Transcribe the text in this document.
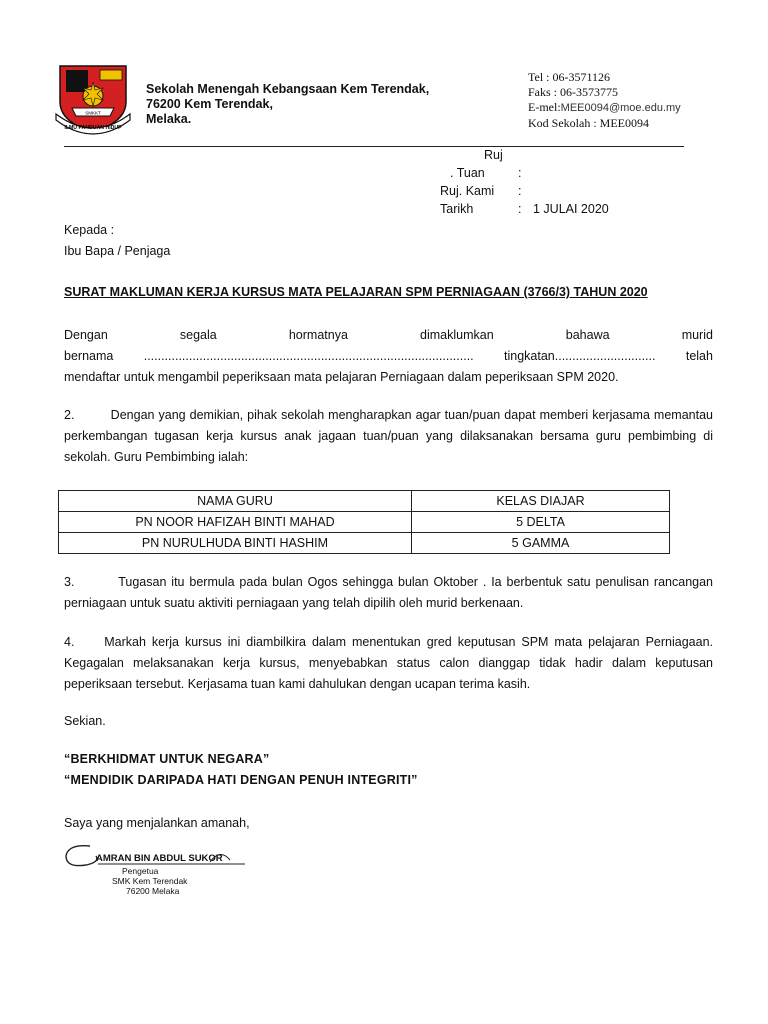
SMKKT
ILMU PANDUAN HIDUP
Sekolah Menengah Kebangsaan Kem Terendak,
76200 Kem Terendak,
Melaka.
Tel : 06-3571126
Faks : 06-3573775
E-mel:MEE0094@moe.edu.my
Kod Sekolah : MEE0094
Ruj
. Tuan	:
Ruj. Kami :
Tarikh	: 1 JULAI 2020
Kepada :
Ibu Bapa / Penjaga
SURAT MAKLUMAN KERJA KURSUS MATA PELAJARAN SPM PERNIAGAAN (3766/3) TAHUN 2020
Dengan	segala	hormatnya	dimaklumkan	bahawa	murid
bernama ............................................................................................... tingkatan............................. telah
mendaftar untuk mengambil peperiksaan mata pelajaran Perniagaan dalam peperiksaan SPM 2020.
2.         Dengan yang demikian, pihak sekolah mengharapkan agar tuan/puan dapat memberi kerjasama memantau perkembangan tugasan kerja kursus anak jagaan tuan/puan yang dilaksanakan bersama guru pembimbing di sekolah. Guru Pembimbing ialah:
NAMA GURU	KELAS DIAJAR
PN NOOR HAFIZAH BINTI MAHAD	5 DELTA
PN NURULHUDA BINTI HASHIM	5 GAMMA
3.         Tugasan itu bermula pada bulan Ogos sehingga bulan Oktober . Ia berbentuk satu penulisan rancangan perniagaan untuk suatu aktiviti perniagaan yang telah dipilih oleh murid berkenaan.
4.     Markah kerja kursus ini diambilkira dalam menentukan gred keputusan SPM mata pelajaran Perniagaan. Kegagalan melaksanakan kerja kursus, menyebabkan status calon dianggap tidak hadir dalam keputusan peperiksaan tersebut. Kerjasama tuan kami dahulukan dengan ucapan terima kasih.
Sekian.
“BERKHIDMAT UNTUK NEGARA”
“MENDIDIK DARIPADA HATI DENGAN PENUH INTEGRITI”
Saya yang menjalankan amanah,
AMRAN BIN ABDUL SUKOR
Pengetua
SMK Kem Terendak
76200 Melaka
